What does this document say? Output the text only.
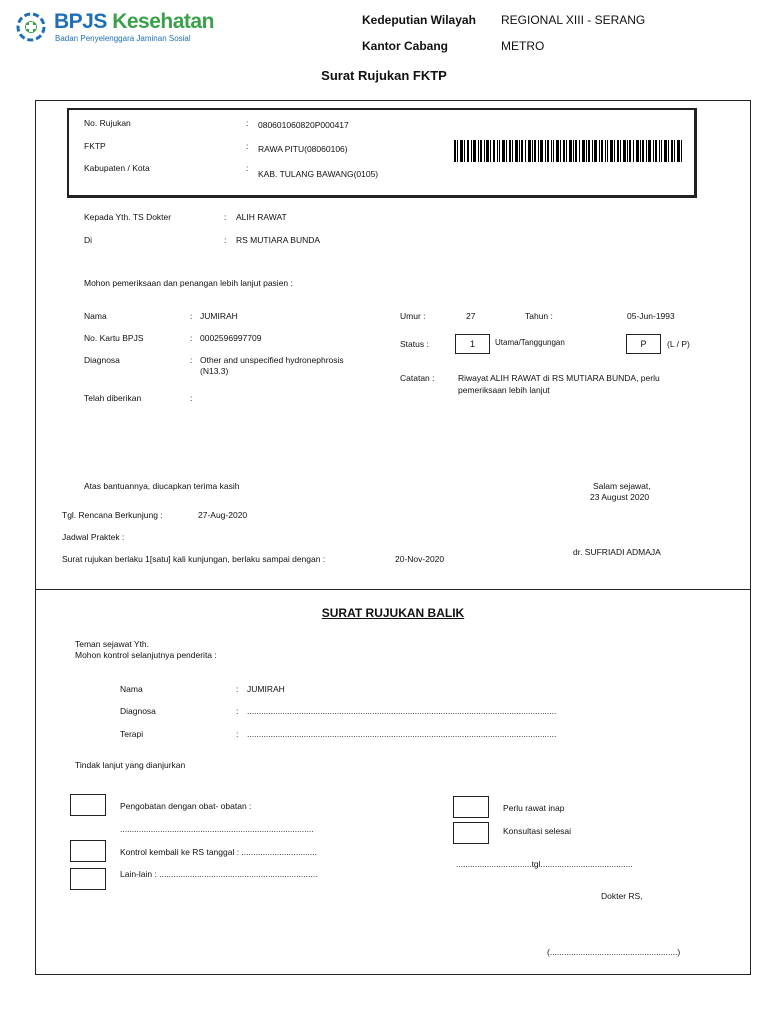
BPJS Kesehatan
Badan Penyelenggara Jaminan Sosial
Kedeputian Wilayah REGIONAL XIII - SERANG
Kantor Cabang	METRO
Surat Rujukan FKTP
No. Rujukan	: 080601060820P000417
FKTP	: RAWA PITU(08060106)
Kabupaten / Kota	:
KAB. TULANG BAWANG(0105)
Kepada Yth. TS Dokter	: ALIH RAWAT
Di	: RS MUTIARA BUNDA
Mohon pemeriksaan dan penangan lebih lanjut pasien :
Nama	: JUMIRAH
No. Kartu BPJS	: 0002596997709
Diagnosa	: Other and unspecified hydronephrosis
(N13.3)
Telah diberikan	:
Umur :	27	Tahun :	05-Jun-1993
Status :	1	Utama/Tanggungan	P	(L / P)
Catatan :	Riwayat ALIH RAWAT di RS MUTIARA BUNDA, perlu
pemeriksaan lebih lanjut
Atas bantuannya, diucapkan terima kasih	Salam sejawat,
23 August 2020
Tgl. Rencana Berkunjung :	27-Aug-2020
Jadwal Praktek :
Surat rujukan berlaku 1[satu] kali kunjungan, berlaku sampai dengan :	20-Nov-2020
dr. SUFRIADI ADMAJA
SURAT RUJUKAN BALIK
Teman sejawat Yth.
Mohon kontrol selanjutnya penderita :
Nama	: JUMIRAH
Diagnosa	: ...................................................................................................................................
Terapi	: ...................................................................................................................................
Tindak lanjut yang dianjurkan
Pengobatan dengan obat- obatan :
..................................................................................
Kontrol kembali ke RS tanggal : ................................
Lain-lain : ...................................................................
Perlu rawat inap
Konsultasi selesai
................................tgl.......................................
Dokter RS,
(......................................................)
